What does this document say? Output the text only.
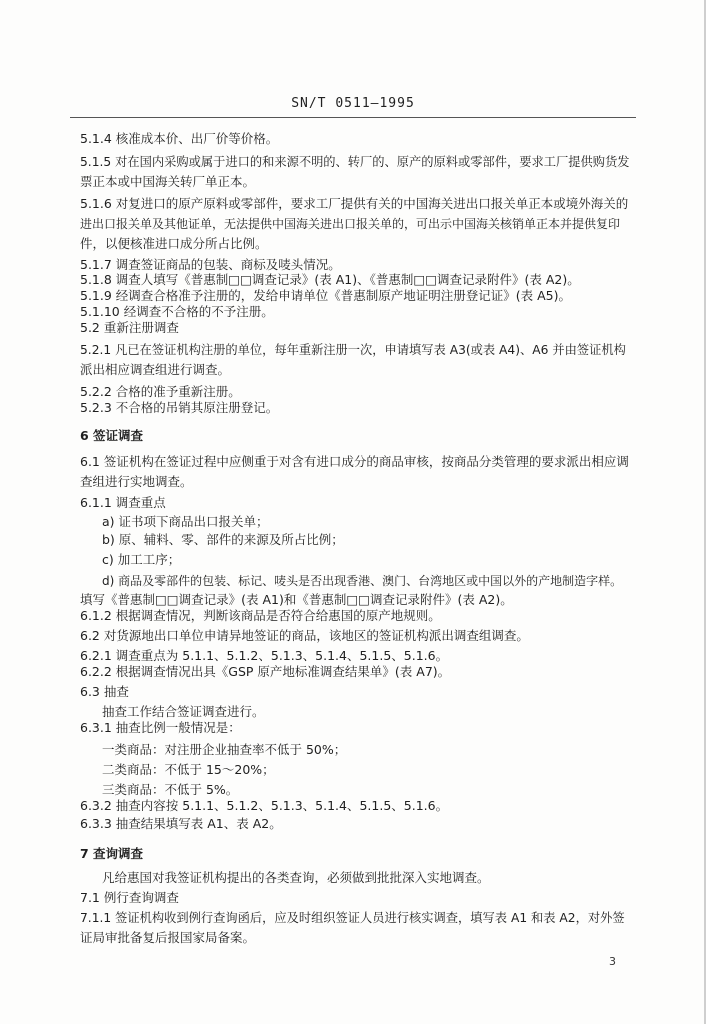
SN/T 0511—1995
5.1.4 核准成本价、出厂价等价格。
5.1.5 对在国内采购或属于进口的和来源不明的、转厂的、原产的原料或零部件，要求工厂提供购货发
票正本或中国海关转厂单正本。
5.1.6 对复进口的原产原料或零部件，要求工厂提供有关的中国海关进出口报关单正本或境外海关的
进出口报关单及其他证单，无法提供中国海关进出口报关单的，可出示中国海关核销单正本并提供复印
件，以便核准进口成分所占比例。
5.1.7 调查签证商品的包装、商标及唛头情况。
5.1.8 调查人填写《普惠制□□调查记录》(表 A1)、《普惠制□□调查记录附件》(表 A2)。
5.1.9 经调查合格准予注册的，发给申请单位《普惠制原产地证明注册登记证》(表 A5)。
5.1.10 经调查不合格的不予注册。
5.2 重新注册调查
5.2.1 凡已在签证机构注册的单位，每年重新注册一次，申请填写表 A3(或表 A4)、A6 并由签证机构
派出相应调查组进行调查。
5.2.2 合格的准予重新注册。
5.2.3 不合格的吊销其原注册登记。
6 签证调查
6.1 签证机构在签证过程中应侧重于对含有进口成分的商品审核，按商品分类管理的要求派出相应调
查组进行实地调查。
6.1.1 调查重点
a) 证书项下商品出口报关单；
b) 原、辅料、零、部件的来源及所占比例；
c) 加工工序；
d) 商品及零部件的包装、标记、唛头是否出现香港、澳门、台湾地区或中国以外的产地制造字样。
填写《普惠制□□调查记录》(表 A1)和《普惠制□□调查记录附件》(表 A2)。
6.1.2 根据调查情况，判断该商品是否符合给惠国的原产地规则。
6.2 对货源地出口单位申请异地签证的商品，该地区的签证机构派出调查组调查。
6.2.1 调查重点为 5.1.1、5.1.2、5.1.3、5.1.4、5.1.5、5.1.6。
6.2.2 根据调查情况出具《GSP 原产地标准调查结果单》(表 A7)。
6.3 抽查
抽查工作结合签证调查进行。
6.3.1 抽查比例一般情况是：
一类商品：对注册企业抽查率不低于 50%；
二类商品：不低于 15～20%；
三类商品：不低于 5%。
6.3.2 抽查内容按 5.1.1、5.1.2、5.1.3、5.1.4、5.1.5、5.1.6。
6.3.3 抽查结果填写表 A1、表 A2。
7 查询调查
凡给惠国对我签证机构提出的各类查询，必须做到批批深入实地调查。
7.1 例行查询调查
7.1.1 签证机构收到例行查询函后，应及时组织签证人员进行核实调查，填写表 A1 和表 A2，对外签
证局审批备复后报国家局备案。
3
